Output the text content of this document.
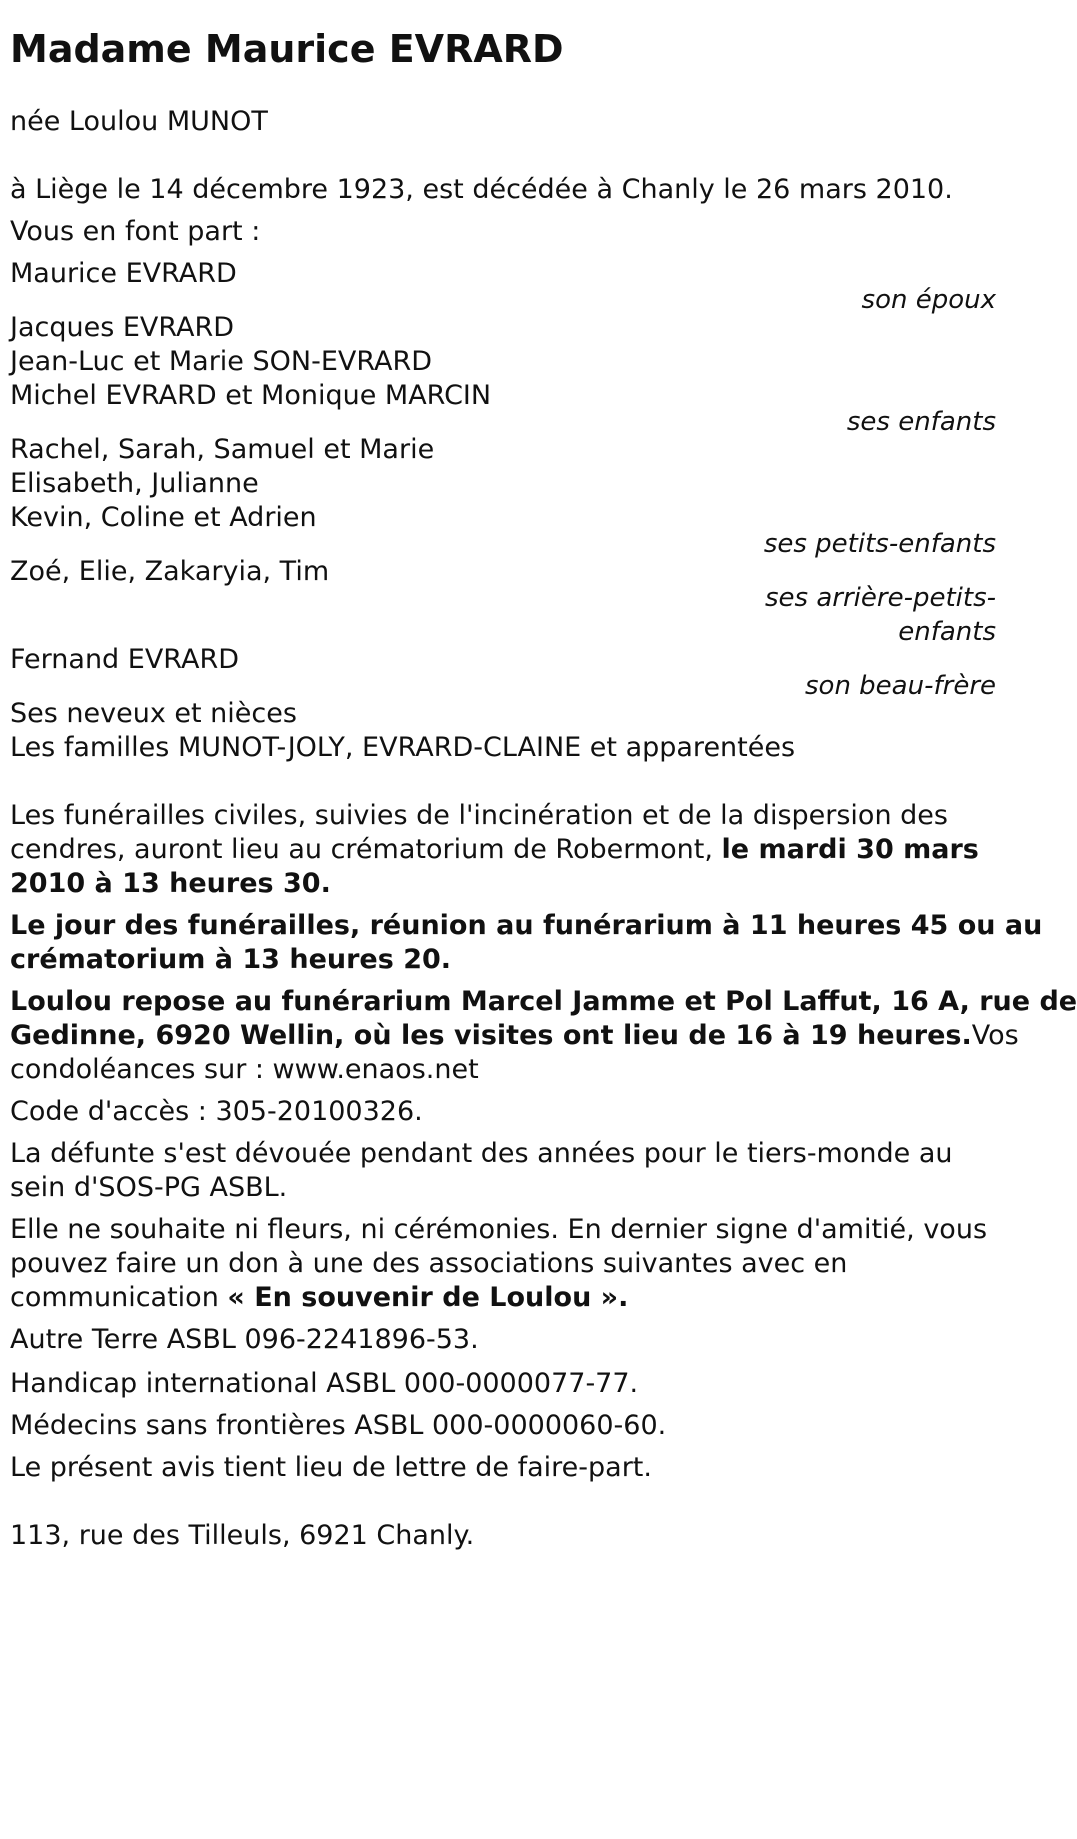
Madame Maurice EVRARD
née Loulou MUNOT
à Liège le 14 décembre 1923, est décédée à Chanly le 26 mars 2010.
Vous en font part :
Maurice EVRARD
son époux
Jacques EVRARD
Jean-Luc et Marie SON-EVRARD
Michel EVRARD et Monique MARCIN
ses enfants
Rachel, Sarah, Samuel et Marie
Elisabeth, Julianne
Kevin, Coline et Adrien
ses petits-enfants
Zoé, Elie, Zakaryia, Tim
ses arrière-petits-
enfants
Fernand EVRARD
son beau-frère
Ses neveux et nièces
Les familles MUNOT-JOLY, EVRARD-CLAINE et apparentées
Les funérailles civiles, suivies de l'incinération et de la dispersion des
cendres, auront lieu au crématorium de Robermont, le mardi 30 mars
2010 à 13 heures 30.
Le jour des funérailles, réunion au funérarium à 11 heures 45 ou au
crématorium à 13 heures 20.
Loulou repose au funérarium Marcel Jamme et Pol Laffut, 16 A, rue de
Gedinne, 6920 Wellin, où les visites ont lieu de 16 à 19 heures.Vos
condoléances sur : www.enaos.net
Code d'accès : 305-20100326.
La défunte s'est dévouée pendant des années pour le tiers-monde au
sein d'SOS-PG ASBL.
Elle ne souhaite ni fleurs, ni cérémonies. En dernier signe d'amitié, vous
pouvez faire un don à une des associations suivantes avec en
communication « En souvenir de Loulou ».
Autre Terre ASBL 096-2241896-53.
Handicap international ASBL 000-0000077-77.
Médecins sans frontières ASBL 000-0000060-60.
Le présent avis tient lieu de lettre de faire-part.
113, rue des Tilleuls, 6921 Chanly.
